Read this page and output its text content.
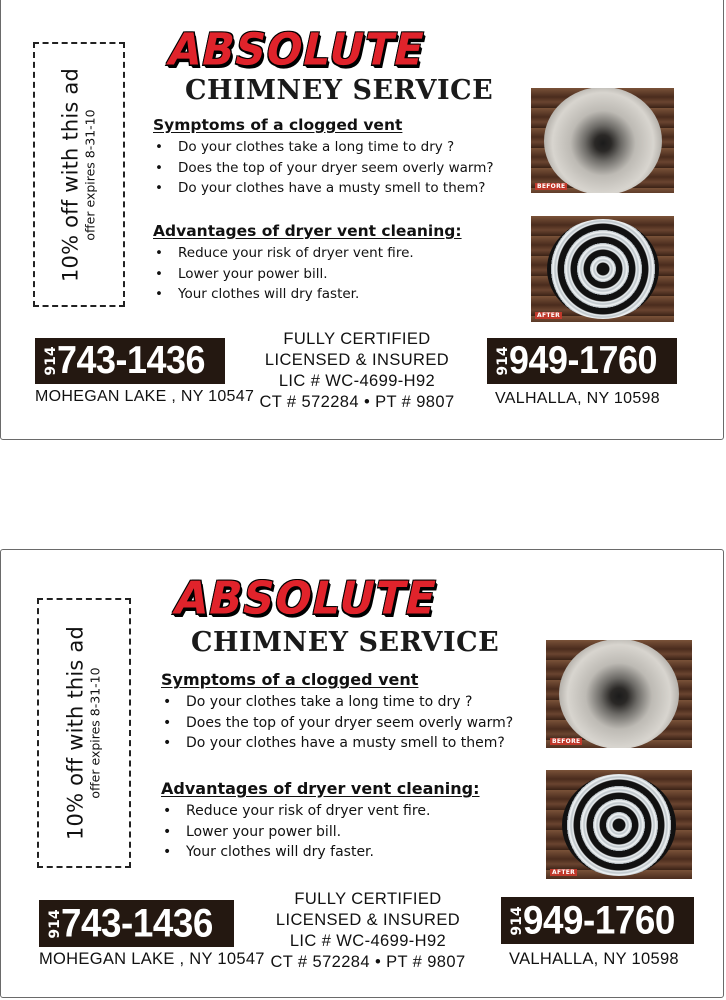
10% off with this ad offer expires 8-31-10
ABSOLUTE
CHIMNEY SERVICE
Symptoms of a clogged vent
• Do your clothes take a long time to dry ?
• Does the top of your dryer seem overly warm?
• Do your clothes have a musty smell to them?
Advantages of dryer vent cleaning:
• Reduce your risk of dryer vent fire.
• Lower your power bill.
• Your clothes will dry faster.
BEFORE
AFTER
914
743-1436
MOHEGAN LAKE , NY 10547
FULLY CERTIFIED
LICENSED & INSURED
LIC # WC-4699-H92
CT # 572284 • PT # 9807
914
949-1760
VALHALLA, NY 10598
10% off with this ad offer expires 8-31-10
ABSOLUTE
CHIMNEY SERVICE
Symptoms of a clogged vent
• Do your clothes take a long time to dry ?
• Does the top of your dryer seem overly warm?
• Do your clothes have a musty smell to them?
Advantages of dryer vent cleaning:
• Reduce your risk of dryer vent fire.
• Lower your power bill.
• Your clothes will dry faster.
BEFORE
AFTER
914
743-1436
MOHEGAN LAKE , NY 10547
FULLY CERTIFIED
LICENSED & INSURED
LIC # WC-4699-H92
CT # 572284 • PT # 9807
914
949-1760
VALHALLA, NY 10598
